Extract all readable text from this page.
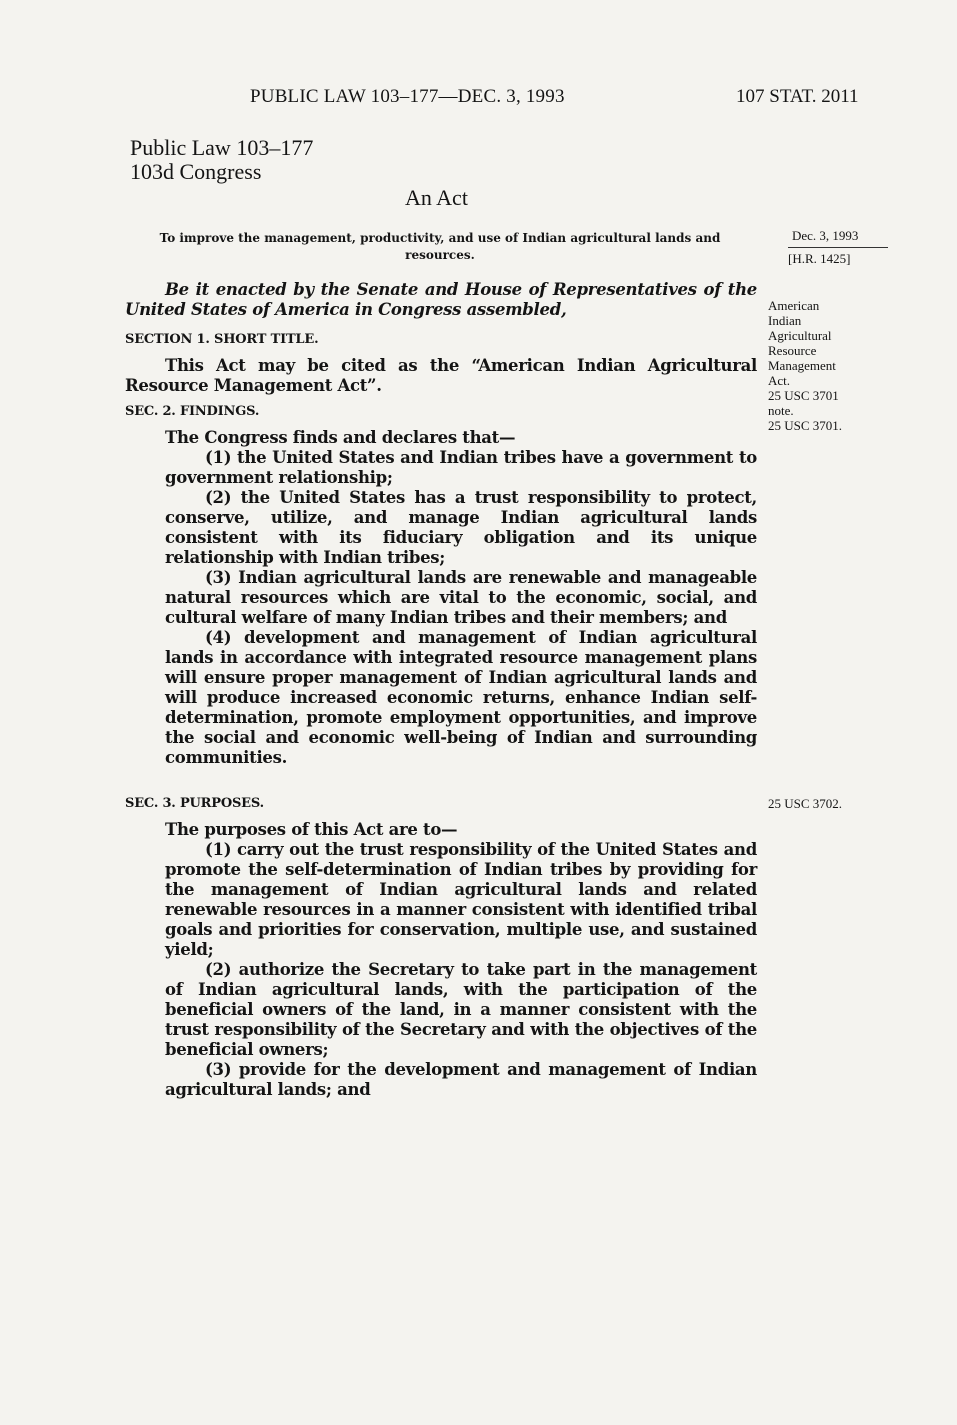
PUBLIC LAW 103–177—DEC. 3, 1993	107 STAT. 2011
Public Law 103–177
103d Congress
An Act
To improve the management, productivity, and use of Indian agricultural lands and resources.
Dec. 3, 1993
[H.R. 1425]
American
Indian
Agricultural
Resource
Management
Act.
25 USC 3701
note.
25 USC 3701.
25 USC 3702.

Be it enacted by the Senate and House of Representatives of the United States of America in Congress assembled,

SECTION 1. SHORT TITLE.

This Act may be cited as the “American Indian Agricultural Resource Management Act”.

SEC. 2. FINDINGS.

The Congress finds and declares that—

(1) the United States and Indian tribes have a government to government relationship;

(2) the United States has a trust responsibility to protect, conserve, utilize, and manage Indian agricultural lands consistent with its fiduciary obligation and its unique relationship with Indian tribes;

(3) Indian agricultural lands are renewable and manageable natural resources which are vital to the economic, social, and cultural welfare of many Indian tribes and their members; and

(4) development and management of Indian agricultural lands in accordance with integrated resource management plans will ensure proper management of Indian agricultural lands and will produce increased economic returns, enhance Indian self-determination, promote employment opportunities, and improve the social and economic well-being of Indian and surrounding communities.

SEC. 3. PURPOSES.

The purposes of this Act are to—

(1) carry out the trust responsibility of the United States and promote the self-determination of Indian tribes by providing for the management of Indian agricultural lands and related renewable resources in a manner consistent with identified tribal goals and priorities for conservation, multiple use, and sustained yield;

(2) authorize the Secretary to take part in the management of Indian agricultural lands, with the participation of the beneficial owners of the land, in a manner consistent with the trust responsibility of the Secretary and with the objectives of the beneficial owners;

(3) provide for the development and management of Indian agricultural lands; and
